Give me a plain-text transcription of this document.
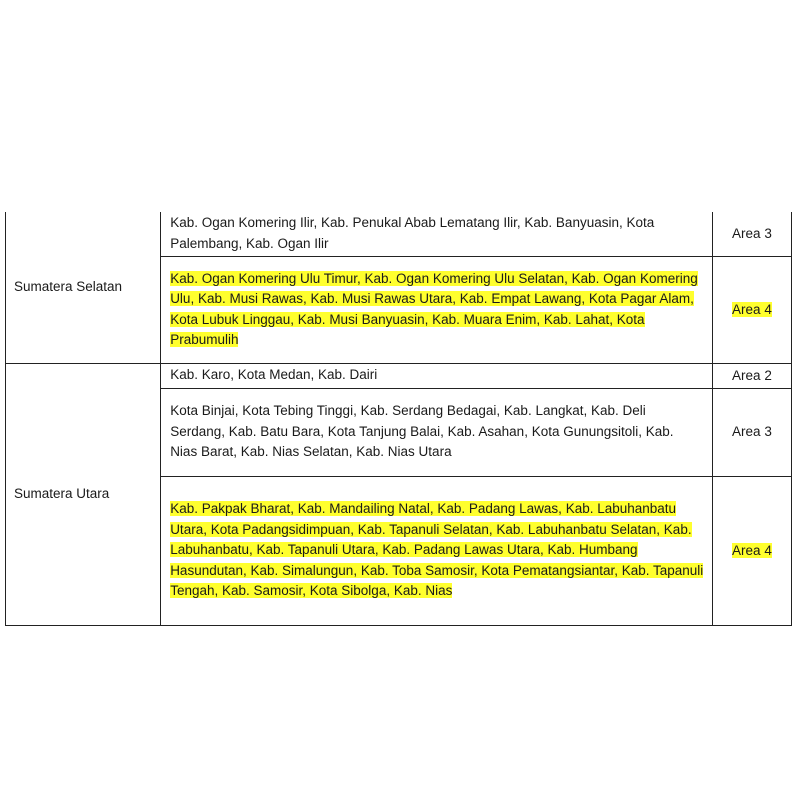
Sumatera Selatan	Kab. Ogan Komering Ilir, Kab. Penukal Abab Lematang Ilir, Kab. Banyuasin, Kota Palembang, Kab. Ogan Ilir	Area 3
	Kab. Ogan Komering Ulu Timur, Kab. Ogan Komering Ulu Selatan, Kab. Ogan Komering Ulu, Kab. Musi Rawas, Kab. Musi Rawas Utara, Kab. Empat Lawang, Kota Pagar Alam, Kota Lubuk Linggau, Kab. Musi Banyuasin, Kab. Muara Enim, Kab. Lahat, Kota Prabumulih	Area 4
Sumatera Utara	Kab. Karo, Kota Medan, Kab. Dairi	Area 2
	Kota Binjai, Kota Tebing Tinggi, Kab. Serdang Bedagai, Kab. Langkat, Kab. Deli Serdang, Kab. Batu Bara, Kota Tanjung Balai, Kab. Asahan, Kota Gunungsitoli, Kab. Nias Barat, Kab. Nias Selatan, Kab. Nias Utara	Area 3
	Kab. Pakpak Bharat, Kab. Mandailing Natal, Kab. Padang Lawas, Kab. Labuhanbatu Utara, Kota Padangsidimpuan, Kab. Tapanuli Selatan, Kab. Labuhanbatu Selatan, Kab. Labuhanbatu, Kab. Tapanuli Utara, Kab. Padang Lawas Utara, Kab. Humbang Hasundutan, Kab. Simalungun, Kab. Toba Samosir, Kota Pematangsiantar, Kab. Tapanuli Tengah, Kab. Samosir, Kota Sibolga, Kab. Nias	Area 4
